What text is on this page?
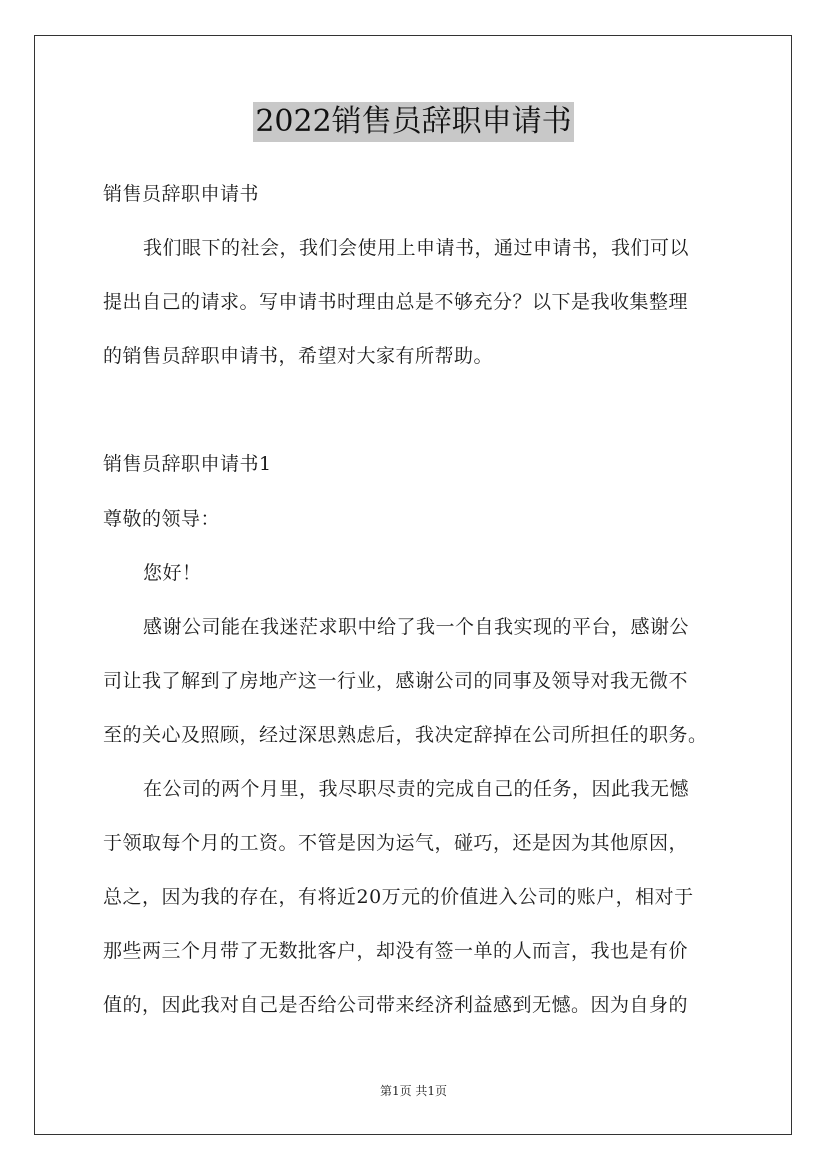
2022销售员辞职申请书
销售员辞职申请书
我们眼下的社会，我们会使用上申请书，通过申请书，我们可以
提出自己的请求。写申请书时理由总是不够充分？以下是我收集整理
的销售员辞职申请书，希望对大家有所帮助。
销售员辞职申请书1
尊敬的领导：
您好！
感谢公司能在我迷茫求职中给了我一个自我实现的平台，感谢公
司让我了解到了房地产这一行业，感谢公司的同事及领导对我无微不
至的关心及照顾，经过深思熟虑后，我决定辞掉在公司所担任的职务。
在公司的两个月里，我尽职尽责的完成自己的任务，因此我无憾
于领取每个月的工资。不管是因为运气，碰巧，还是因为其他原因，
总之，因为我的存在，有将近20万元的价值进入公司的账户，相对于
那些两三个月带了无数批客户，却没有签一单的人而言，我也是有价
值的，因此我对自己是否给公司带来经济利益感到无憾。因为自身的
第1页 共1页
